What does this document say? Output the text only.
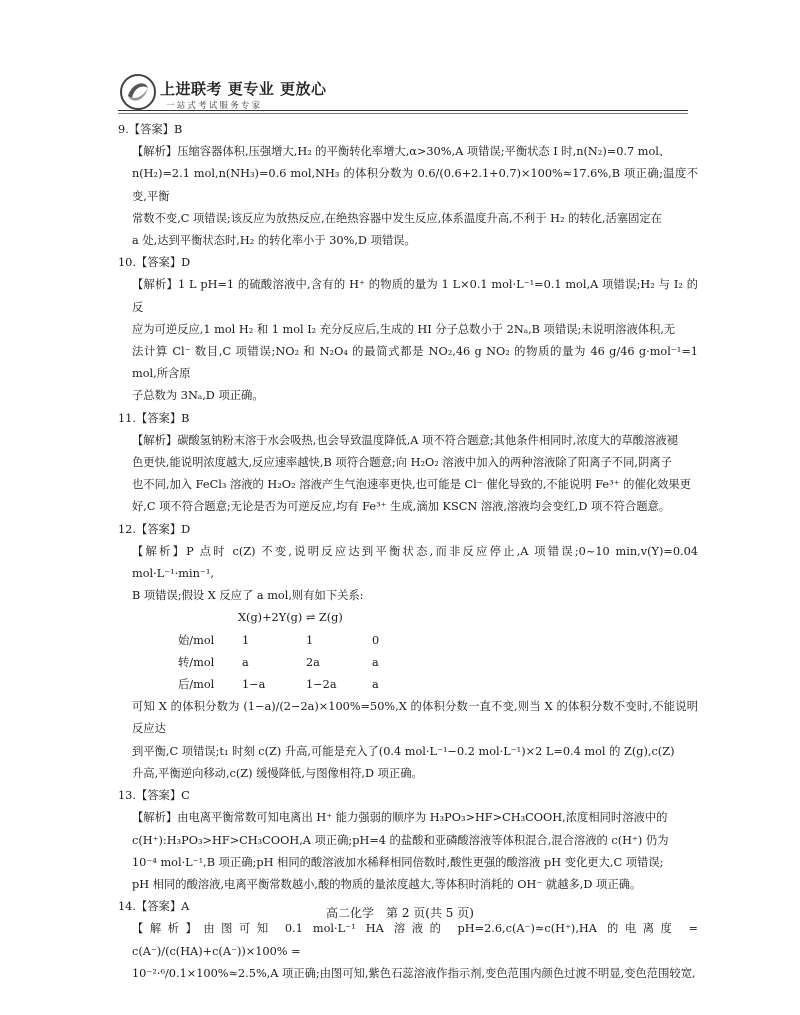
上进联考 更专业 更放心
一站式考试服务专家

9.【答案】B

【解析】压缩容器体积,压强增大,H₂ 的平衡转化率增大,α>30%,A 项错误;平衡状态 I 时,n(N₂)=0.7 mol、

n(H₂)=2.1 mol,n(NH₃)=0.6 mol,NH₃ 的体积分数为 0.6/(0.6+2.1+0.7)×100%≈17.6%,B 项正确;温度不变,平衡

常数不变,C 项错误;该反应为放热反应,在绝热容器中发生反应,体系温度升高,不利于 H₂ 的转化,活塞固定在

a 处,达到平衡状态时,H₂ 的转化率小于 30%,D 项错误。

10.【答案】D

【解析】1 L pH=1 的硫酸溶液中,含有的 H⁺ 的物质的量为 1 L×0.1 mol·L⁻¹=0.1 mol,A 项错误;H₂ 与 I₂ 的反

应为可逆反应,1 mol H₂ 和 1 mol I₂ 充分反应后,生成的 HI 分子总数小于 2Nₐ,B 项错误;未说明溶液体积,无

法计算 Cl⁻ 数目,C 项错误;NO₂ 和 N₂O₄ 的最简式都是 NO₂,46 g NO₂ 的物质的量为 46 g/46 g·mol⁻¹=1 mol,所含原

子总数为 3Nₐ,D 项正确。

11.【答案】B

【解析】碳酸氢钠粉末溶于水会吸热,也会导致温度降低,A 项不符合题意;其他条件相同时,浓度大的草酸溶液褪

色更快,能说明浓度越大,反应速率越快,B 项符合题意;向 H₂O₂ 溶液中加入的两种溶液除了阳离子不同,阴离子

也不同,加入 FeCl₃ 溶液的 H₂O₂ 溶液产生气泡速率更快,也可能是 Cl⁻ 催化导致的,不能说明 Fe³⁺ 的催化效果更

好,C 项不符合题意;无论是否为可逆反应,均有 Fe³⁺ 生成,滴加 KSCN 溶液,溶液均会变红,D 项不符合题意。

12.【答案】D

【解析】P 点时 c(Z) 不变,说明反应达到平衡状态,而非反应停止,A 项错误;0~10 min,v(Y)=0.04 mol·L⁻¹·min⁻¹,

B 项错误;假设 X 反应了 a mol,则有如下关系:

X(g)+2Y(g) ⇌ Z(g)

始/mol	1	1	0
转/mol	a	2a	a
后/mol	1−a	1−2a	a

可知 X 的体积分数为 (1−a)/(2−2a)×100%=50%,X 的体积分数一直不变,则当 X 的体积分数不变时,不能说明反应达

到平衡,C 项错误;t₁ 时刻 c(Z) 升高,可能是充入了(0.4 mol·L⁻¹−0.2 mol·L⁻¹)×2 L=0.4 mol 的 Z(g),c(Z)

升高,平衡逆向移动,c(Z) 缓慢降低,与图像相符,D 项正确。

13.【答案】C

【解析】由电离平衡常数可知电离出 H⁺ 能力强弱的顺序为 H₃PO₃>HF>CH₃COOH,浓度相同时溶液中的

c(H⁺):H₃PO₃>HF>CH₃COOH,A 项正确;pH=4 的盐酸和亚磷酸溶液等体积混合,混合溶液的 c(H⁺) 仍为

10⁻⁴ mol·L⁻¹,B 项正确;pH 相同的酸溶液加水稀释相同倍数时,酸性更强的酸溶液 pH 变化更大,C 项错误;

pH 相同的酸溶液,电离平衡常数越小,酸的物质的量浓度越大,等体积时消耗的 OH⁻ 就越多,D 项正确。

14.【答案】A

【解析】由图可知 0.1 mol·L⁻¹ HA 溶液的 pH=2.6,c(A⁻)≈c(H⁺),HA 的电离度 = c(A⁻)/(c(HA)+c(A⁻))×100% =

10⁻²·⁶/0.1×100%≈2.5%,A 项正确;由图可知,紫色石蕊溶液作指示剂,变色范围内颜色过渡不明显,变色范围较宽,

高二化学　第 2 页(共 5 页)
